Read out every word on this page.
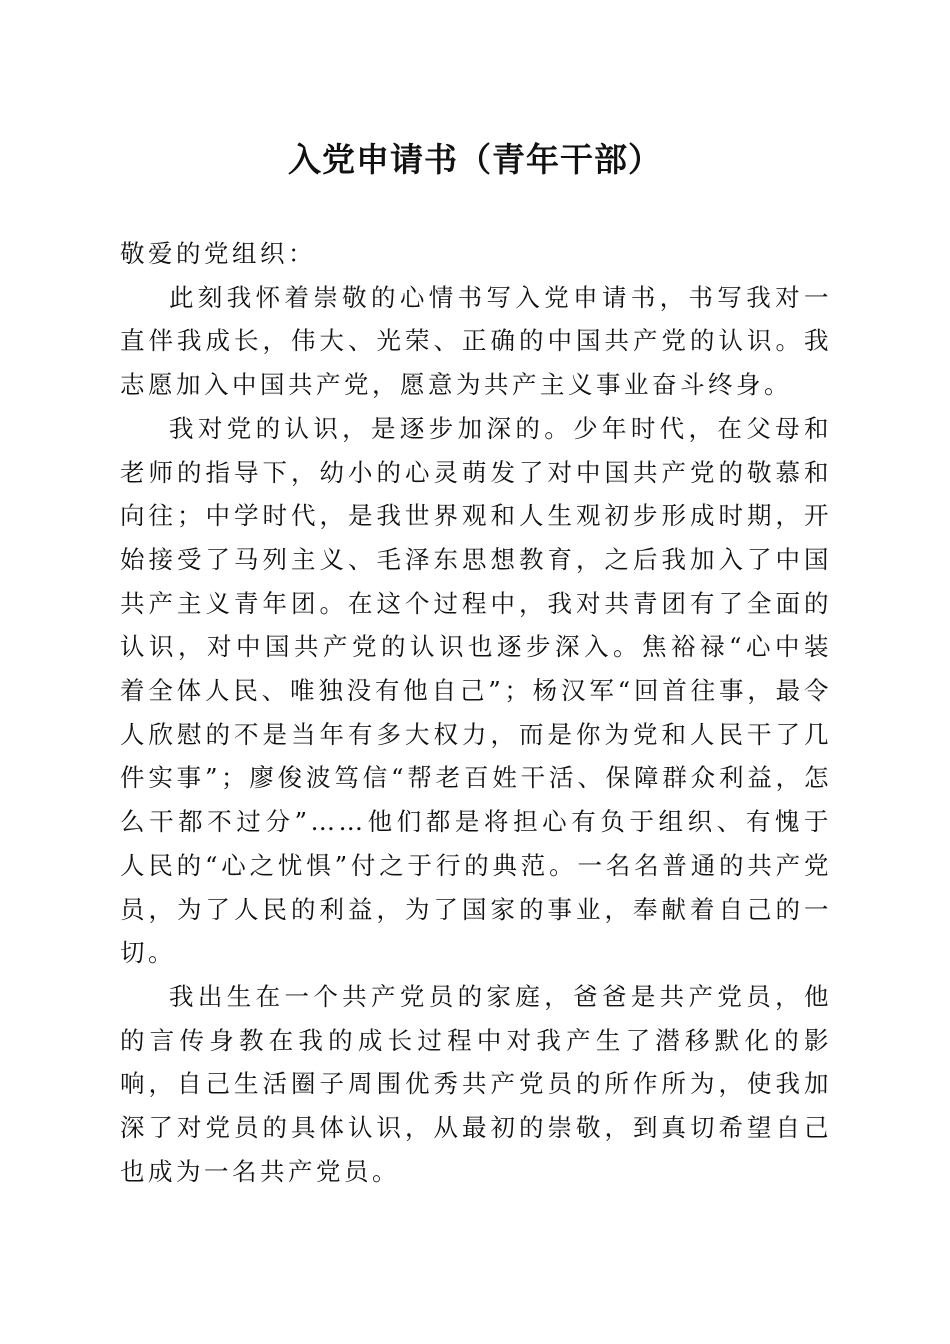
入党申请书（青年干部）

敬爱的党组织：

此刻我怀着崇敬的心情书写入党申请书，书写我对一直伴我成长，伟大、光荣、正确的中国共产党的认识。我志愿加入中国共产党，愿意为共产主义事业奋斗终身。

我对党的认识，是逐步加深的。少年时代，在父母和老师的指导下，幼小的心灵萌发了对中国共产党的敬慕和向往；中学时代，是我世界观和人生观初步形成时期，开始接受了马列主义、毛泽东思想教育，之后我加入了中国共产主义青年团。在这个过程中，我对共青团有了全面的认识，对中国共产党的认识也逐步深入。焦裕禄“心中装着全体人民、唯独没有他自己”；杨汉军“回首往事，最令人欣慰的不是当年有多大权力，而是你为党和人民干了几件实事”；廖俊波笃信“帮老百姓干活、保障群众利益，怎么干都不过分”……他们都是将担心有负于组织、有愧于人民的“心之忧惧”付之于行的典范。一名名普通的共产党员，为了人民的利益，为了国家的事业，奉献着自己的一切。

我出生在一个共产党员的家庭，爸爸是共产党员，他的言传身教在我的成长过程中对我产生了潜移默化的影响，自己生活圈子周围优秀共产党员的所作所为，使我加深了对党员的具体认识，从最初的崇敬，到真切希望自己也成为一名共产党员。
